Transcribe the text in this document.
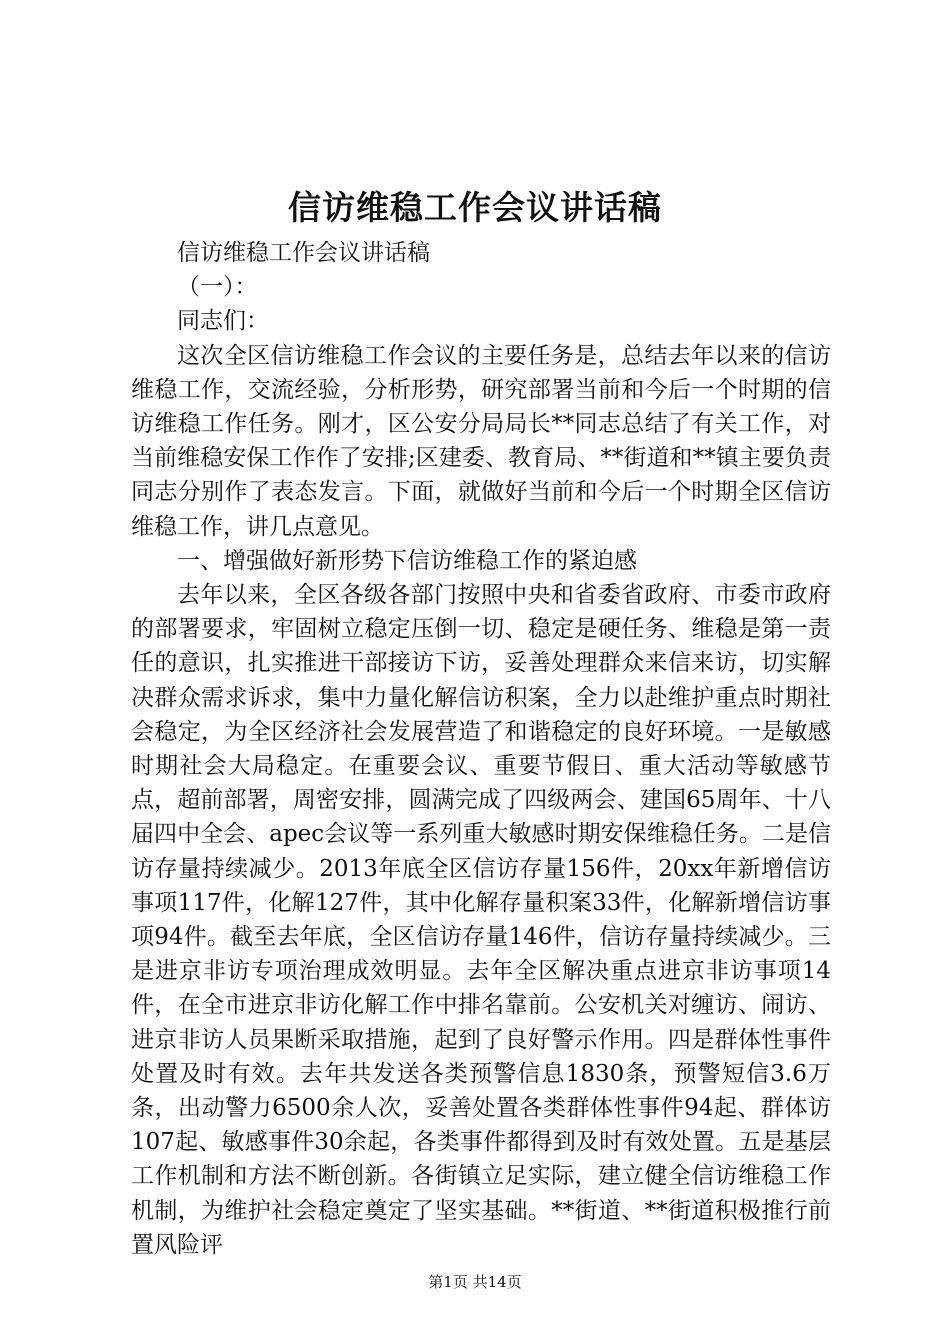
信访维稳工作会议讲话稿

信访维稳工作会议讲话稿

（一）：

同志们：

这次全区信访维稳工作会议的主要任务是，总结去年以来的信访维稳工作，交流经验，分析形势，研究部署当前和今后一个时期的信访维稳工作任务。刚才，区公安分局局长**同志总结了有关工作，对当前维稳安保工作作了安排;区建委、教育局、**街道和**镇主要负责同志分别作了表态发言。下面，就做好当前和今后一个时期全区信访维稳工作，讲几点意见。

一、增强做好新形势下信访维稳工作的紧迫感

去年以来，全区各级各部门按照中央和省委省政府、市委市政府的部署要求，牢固树立稳定压倒一切、稳定是硬任务、维稳是第一责任的意识，扎实推进干部接访下访，妥善处理群众来信来访，切实解决群众需求诉求，集中力量化解信访积案，全力以赴维护重点时期社会稳定，为全区经济社会发展营造了和谐稳定的良好环境。一是敏感时期社会大局稳定。在重要会议、重要节假日、重大活动等敏感节点，超前部署，周密安排，圆满完成了四级两会、建国65周年、十八届四中全会、apec会议等一系列重大敏感时期安保维稳任务。二是信访存量持续减少。2013年底全区信访存量156件，20xx年新增信访事项117件，化解127件，其中化解存量积案33件，化解新增信访事项94件。截至去年底，全区信访存量146件，信访存量持续减少。三是进京非访专项治理成效明显。去年全区解决重点进京非访事项14件，在全市进京非访化解工作中排名靠前。公安机关对缠访、闹访、进京非访人员果断采取措施，起到了良好警示作用。四是群体性事件处置及时有效。去年共发送各类预警信息1830条，预警短信3.6万条，出动警力6500余人次，妥善处置各类群体性事件94起、群体访107起、敏感事件30余起，各类事件都得到及时有效处置。五是基层工作机制和方法不断创新。各街镇立足实际，建立健全信访维稳工作机制，为维护社会稳定奠定了坚实基础。**街道、**街道积极推行前置风险评

第1页 共14页
